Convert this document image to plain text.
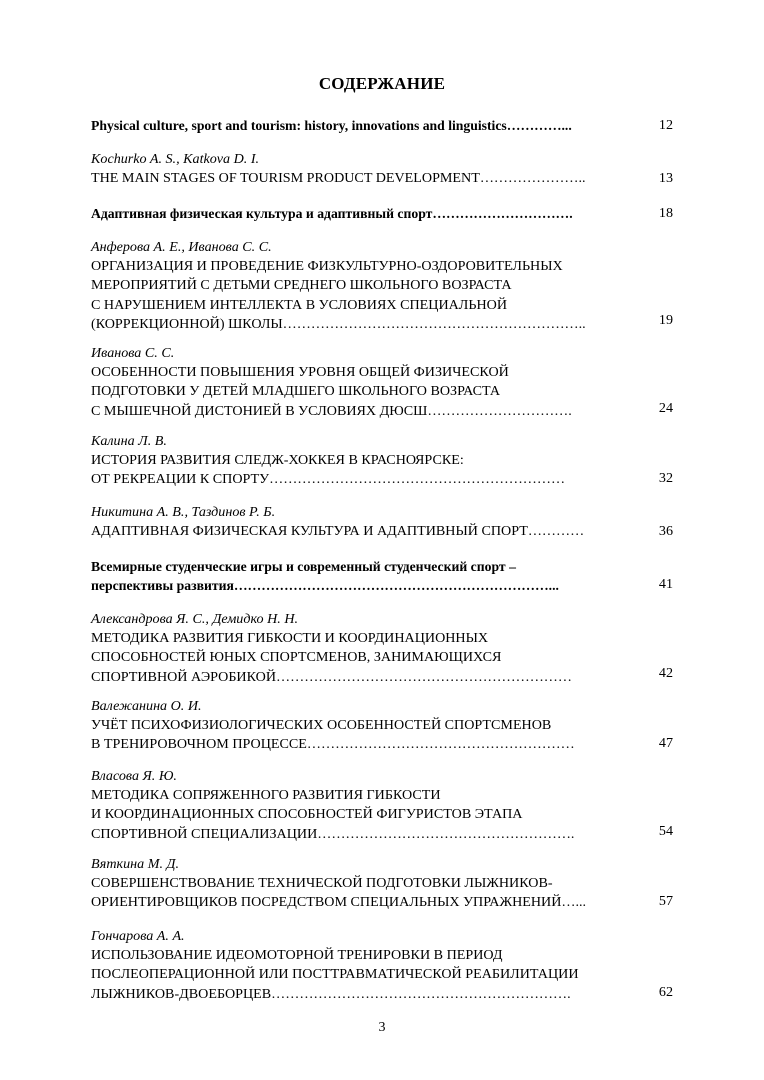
СОДЕРЖАНИЕ
Physical culture, sport and tourism: history, innovations and linguistics…………...	12
Kochurko A. S., Katkova D. I.
THE MAIN STAGES OF TOURISM PRODUCT DEVELOPMENT…………………..	13
Адаптивная физическая культура и адаптивный спорт………………………….	18
Анферова А. Е., Иванова С. С.
ОРГАНИЗАЦИЯ И ПРОВЕДЕНИЕ ФИЗКУЛЬТУРНО-ОЗДОРОВИТЕЛЬНЫХ
МЕРОПРИЯТИЙ С ДЕТЬМИ СРЕДНЕГО ШКОЛЬНОГО ВОЗРАСТА
С НАРУШЕНИЕМ ИНТЕЛЛЕКТА В УСЛОВИЯХ СПЕЦИАЛЬНОЙ
(КОРРЕКЦИОННОЙ) ШКОЛЫ………………………………………………………..	19
Иванова С. С.
ОСОБЕННОСТИ ПОВЫШЕНИЯ УРОВНЯ ОБЩЕЙ ФИЗИЧЕСКОЙ
ПОДГОТОВКИ У ДЕТЕЙ МЛАДШЕГО ШКОЛЬНОГО ВОЗРАСТА
С МЫШЕЧНОЙ ДИСТОНИЕЙ В УСЛОВИЯХ ДЮСШ………………………….	24
Калина Л. В.
ИСТОРИЯ РАЗВИТИЯ СЛЕДЖ-ХОККЕЯ В КРАСНОЯРСКЕ:
ОТ РЕКРЕАЦИИ К СПОРТУ………………………………………………………	32
Никитина А. В., Таздинов Р. Б.
АДАПТИВНАЯ ФИЗИЧЕСКАЯ КУЛЬТУРА И АДАПТИВНЫЙ СПОРТ…………	36
Всемирные студенческие игры и современный студенческий спорт –
перспективы развития……………………………………………………………...	41
Александрова Я. С., Демидко Н. Н.
МЕТОДИКА РАЗВИТИЯ ГИБКОСТИ И КООРДИНАЦИОННЫХ
СПОСОБНОСТЕЙ ЮНЫХ СПОРТСМЕНОВ, ЗАНИМАЮЩИХСЯ
СПОРТИВНОЙ АЭРОБИКОЙ………………………………………………………	42
Валежанина О. И.
УЧЁТ ПСИХОФИЗИОЛОГИЧЕСКИХ ОСОБЕННОСТЕЙ СПОРТСМЕНОВ
В ТРЕНИРОВОЧНОМ ПРОЦЕССЕ…………………………………………………	47
Власова Я. Ю.
МЕТОДИКА СОПРЯЖЕННОГО РАЗВИТИЯ ГИБКОСТИ
И КООРДИНАЦИОННЫХ СПОСОБНОСТЕЙ ФИГУРИСТОВ ЭТАПА
СПОРТИВНОЙ СПЕЦИАЛИЗАЦИИ……………………………………………….	54
Вяткина М. Д.
СОВЕРШЕНСТВОВАНИЕ ТЕХНИЧЕСКОЙ ПОДГОТОВКИ ЛЫЖНИКОВ-
ОРИЕНТИРОВЩИКОВ ПОСРЕДСТВОМ СПЕЦИАЛЬНЫХ УПРАЖНЕНИЙ…...	57
Гончарова А. А.
ИСПОЛЬЗОВАНИЕ ИДЕОМОТОРНОЙ ТРЕНИРОВКИ В ПЕРИОД
ПОСЛЕОПЕРАЦИОННОЙ ИЛИ ПОСТТРАВМАТИЧЕСКОЙ РЕАБИЛИТАЦИИ
ЛЫЖНИКОВ-ДВОЕБОРЦЕВ……………………………………………………….	62
3
